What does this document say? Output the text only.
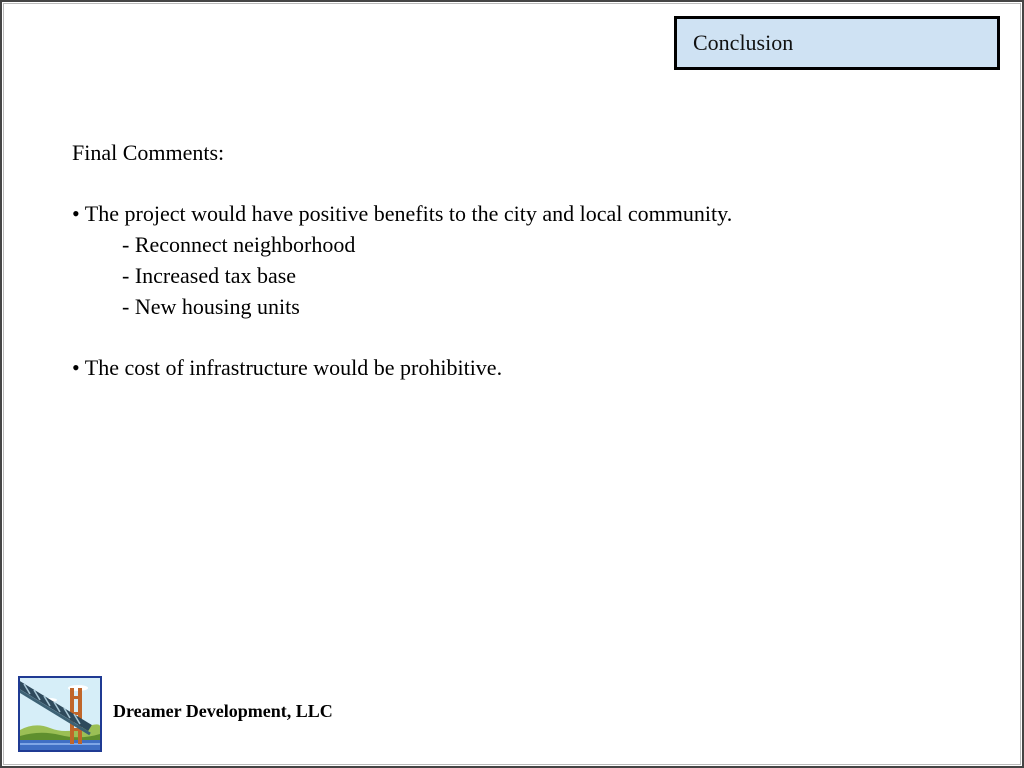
Conclusion
Final Comments:
• The project would have positive benefits to the city and local community.
- Reconnect neighborhood
- Increased tax base
- New housing units
• The cost of infrastructure would be prohibitive.
Dreamer Development, LLC
